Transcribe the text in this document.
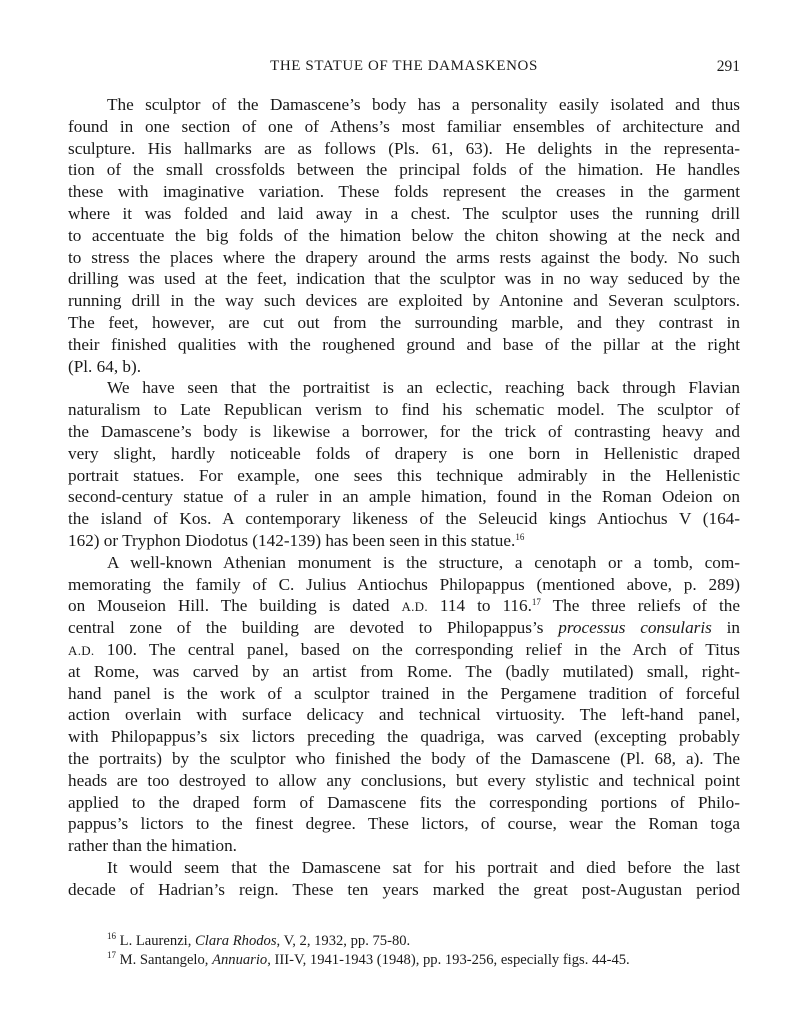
THE STATUE OF THE DAMASKENOS	291
The sculptor of the Damascene’s body has a personality easily isolated and thus
found in one section of one of Athens’s most familiar ensembles of architecture and
sculpture. His hallmarks are as follows (Pls. 61, 63). He delights in the representa-
tion of the small crossfolds between the principal folds of the himation. He handles
these with imaginative variation. These folds represent the creases in the garment
where it was folded and laid away in a chest. The sculptor uses the running drill
to accentuate the big folds of the himation below the chiton showing at the neck and
to stress the places where the drapery around the arms rests against the body. No such
drilling was used at the feet, indication that the sculptor was in no way seduced by the
running drill in the way such devices are exploited by Antonine and Severan sculptors.
The feet, however, are cut out from the surrounding marble, and they contrast in
their finished qualities with the roughened ground and base of the pillar at the right
(Pl. 64, b).
We have seen that the portraitist is an eclectic, reaching back through Flavian
naturalism to Late Republican verism to find his schematic model. The sculptor of
the Damascene’s body is likewise a borrower, for the trick of contrasting heavy and
very slight, hardly noticeable folds of drapery is one born in Hellenistic draped
portrait statues. For example, one sees this technique admirably in the Hellenistic
second-century statue of a ruler in an ample himation, found in the Roman Odeion on
the island of Kos. A contemporary likeness of the Seleucid kings Antiochus V (164-
162) or Tryphon Diodotus (142-139) has been seen in this statue.$^{16}$
A well-known Athenian monument is the structure, a cenotaph or a tomb, com-
memorating the family of C. Julius Antiochus Philopappus (mentioned above, p. 289)
on Mouseion Hill. The building is dated A.D. 114 to 116.17 The three reliefs of the
central zone of the building are devoted to Philopappus’s processus consularis in
A.D. 100. The central panel, based on the corresponding relief in the Arch of Titus
at Rome, was carved by an artist from Rome. The (badly mutilated) small, right-
hand panel is the work of a sculptor trained in the Pergamene tradition of forceful
action overlain with surface delicacy and technical virtuosity. The left-hand panel,
with Philopappus’s six lictors preceding the quadriga, was carved (excepting probably
the portraits) by the sculptor who finished the body of the Damascene (Pl. 68, a). The
heads are too destroyed to allow any conclusions, but every stylistic and technical point
applied to the draped form of Damascene fits the corresponding portions of Philo-
pappus’s lictors to the finest degree. These lictors, of course, wear the Roman toga
rather than the himation.
It would seem that the Damascene sat for his portrait and died before the last
decade of Hadrian’s reign. These ten years marked the great post-Augustan period
$^{16}$ L. Laurenzi, Clara Rhodos, V, 2, 1932, pp. 75-80.
$^{17}$ M. Santangelo, Annuario, III-V, 1941-1943 (1948), pp. 193-256, especially figs. 44-45.
